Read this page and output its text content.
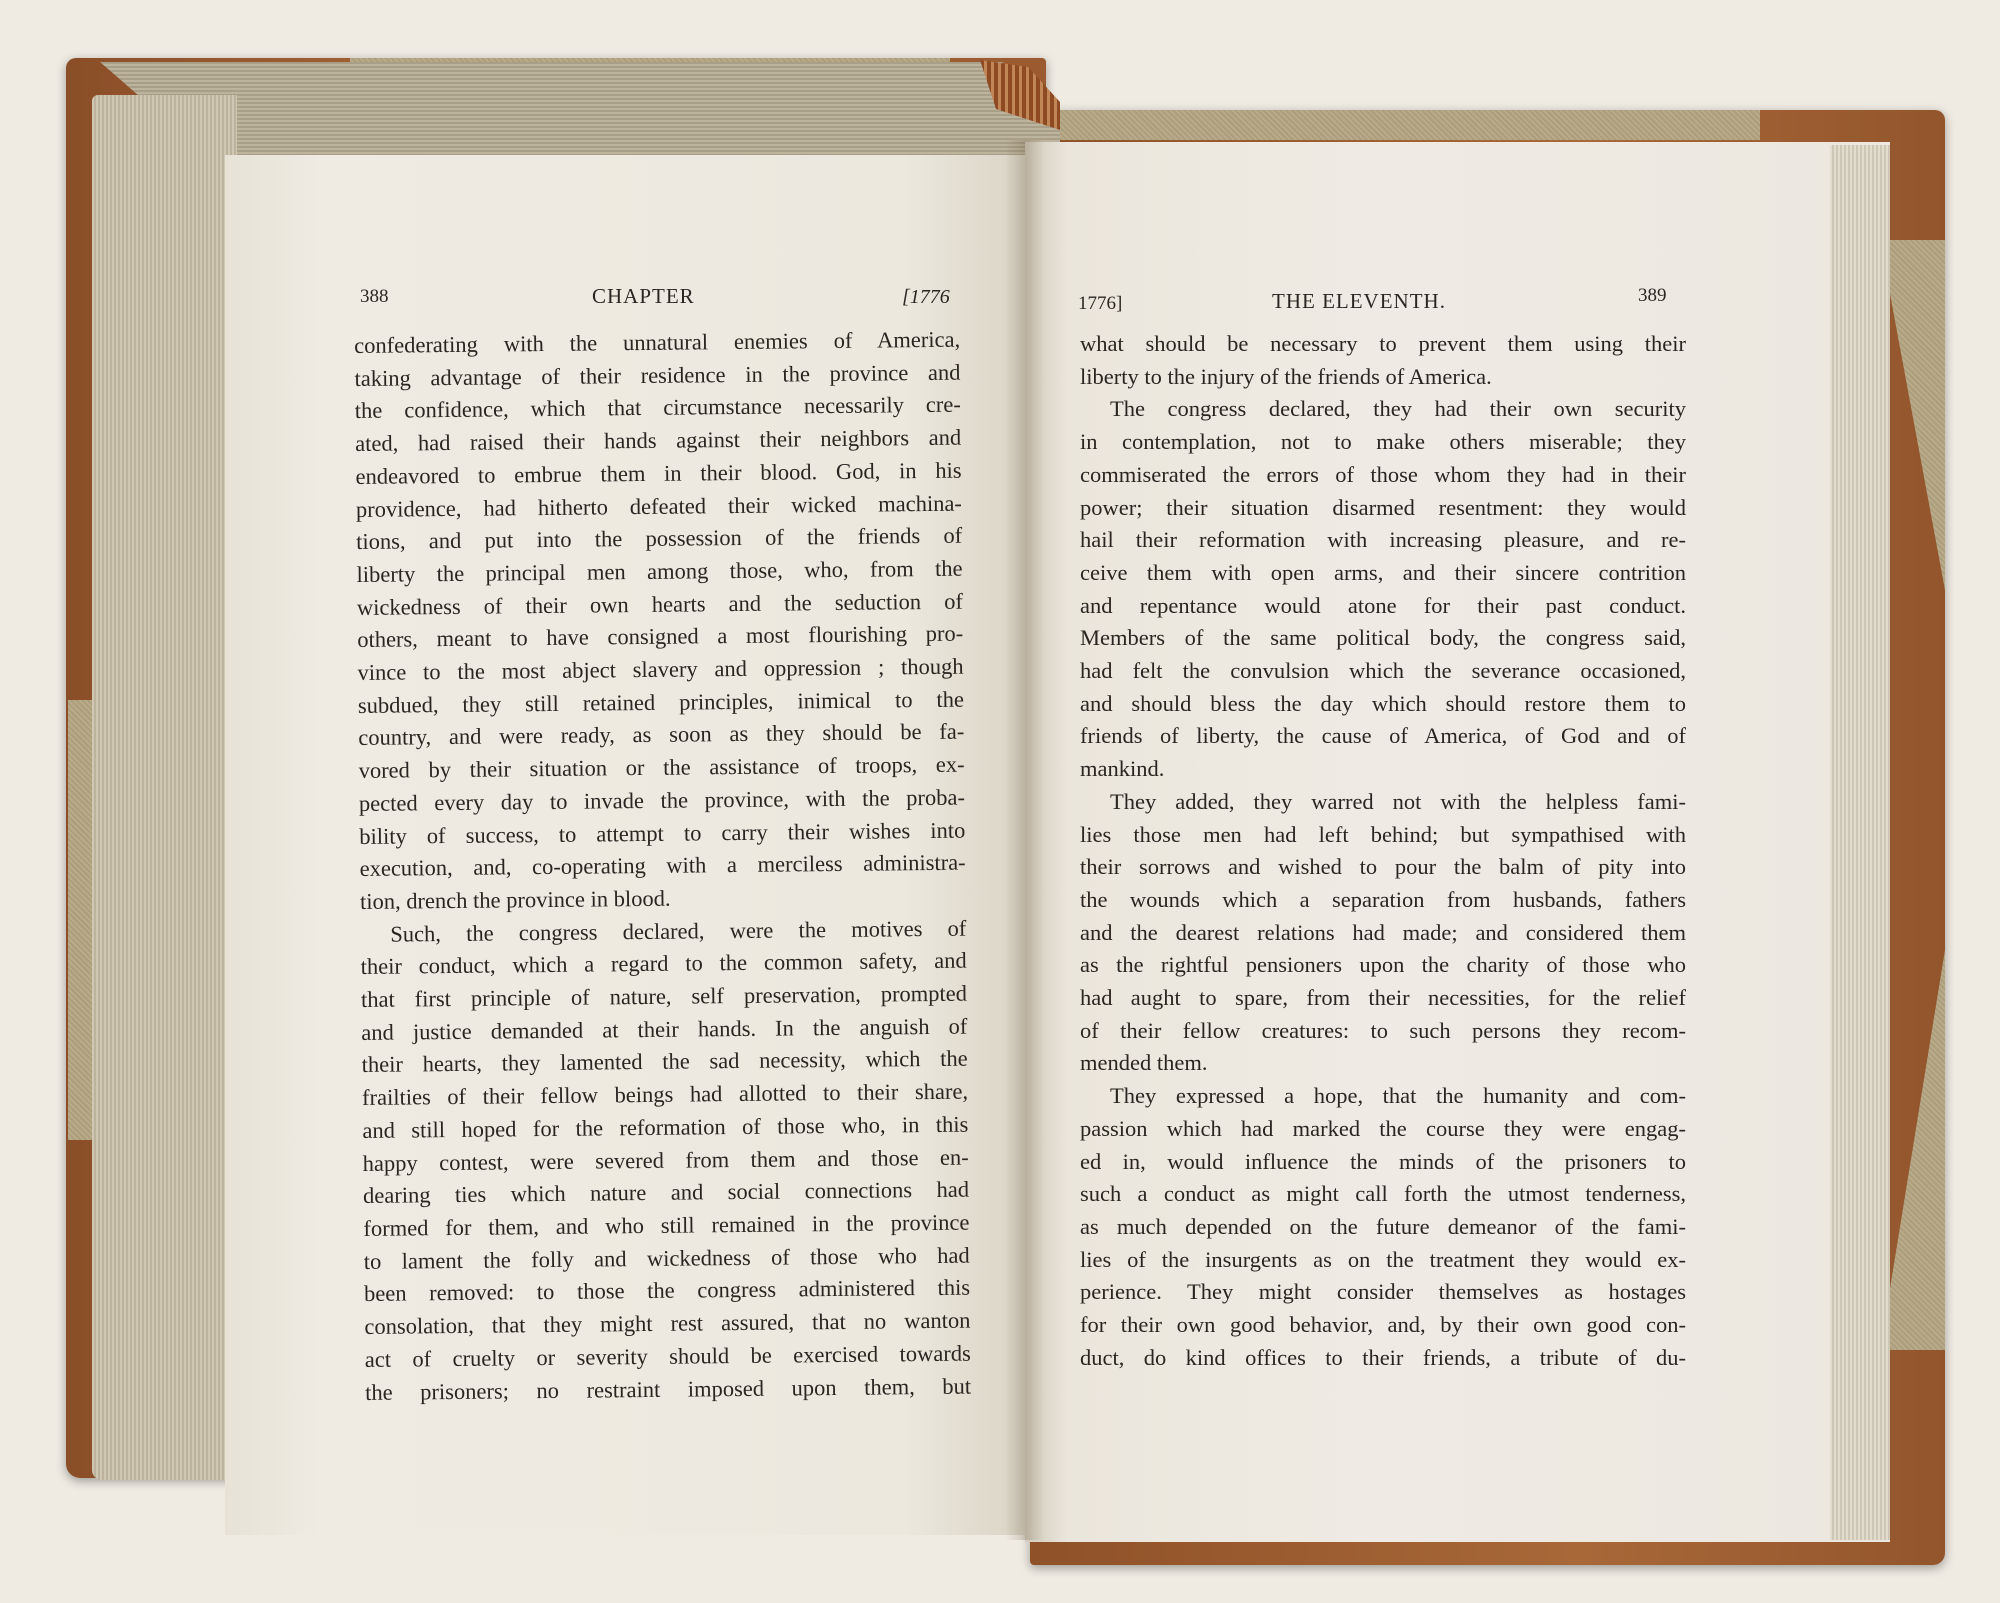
388	CHAPTER	[1776	1776]	THE ELEVENTH.	389
confederating with the unnatural enemies of America,
taking advantage of their residence in the province and
the confidence, which that circumstance necessarily cre-
ated, had raised their hands against their neighbors and
endeavored to embrue them in their blood. God, in his
providence, had hitherto defeated their wicked machina-
tions, and put into the possession of the friends of
liberty the principal men among those, who, from the
wickedness of their own hearts and the seduction of
others, meant to have consigned a most flourishing pro-
vince to the most abject slavery and oppression ; though
subdued, they still retained principles, inimical to the
country, and were ready, as soon as they should be fa-
vored by their situation or the assistance of troops, ex-
pected every day to invade the province, with the proba-
bility of success, to attempt to carry their wishes into
execution, and, co-operating with a merciless administra-
tion, drench the province in blood.
Such, the congress declared, were the motives of
their conduct, which a regard to the common safety, and
that first principle of nature, self preservation, prompted
and justice demanded at their hands. In the anguish of
their hearts, they lamented the sad necessity, which the
frailties of their fellow beings had allotted to their share,
and still hoped for the reformation of those who, in this
happy contest, were severed from them and those en-
dearing ties which nature and social connections had
formed for them, and who still remained in the province
to lament the folly and wickedness of those who had
been removed: to those the congress administered this
consolation, that they might rest assured, that no wanton
act of cruelty or severity should be exercised towards
the prisoners; no restraint imposed upon them, but
what should be necessary to prevent them using their
liberty to the injury of the friends of America.
The congress declared, they had their own security
in contemplation, not to make others miserable; they
commiserated the errors of those whom they had in their
power; their situation disarmed resentment: they would
hail their reformation with increasing pleasure, and re-
ceive them with open arms, and their sincere contrition
and repentance would atone for their past conduct.
Members of the same political body, the congress said,
had felt the convulsion which the severance occasioned,
and should bless the day which should restore them to
friends of liberty, the cause of America, of God and of
mankind.
They added, they warred not with the helpless fami-
lies those men had left behind; but sympathised with
their sorrows and wished to pour the balm of pity into
the wounds which a separation from husbands, fathers
and the dearest relations had made; and considered them
as the rightful pensioners upon the charity of those who
had aught to spare, from their necessities, for the relief
of their fellow creatures: to such persons they recom-
mended them.
They expressed a hope, that the humanity and com-
passion which had marked the course they were engag-
ed in, would influence the minds of the prisoners to
such a conduct as might call forth the utmost tenderness,
as much depended on the future demeanor of the fami-
lies of the insurgents as on the treatment they would ex-
perience. They might consider themselves as hostages
for their own good behavior, and, by their own good con-
duct, do kind offices to their friends, a tribute of du-
